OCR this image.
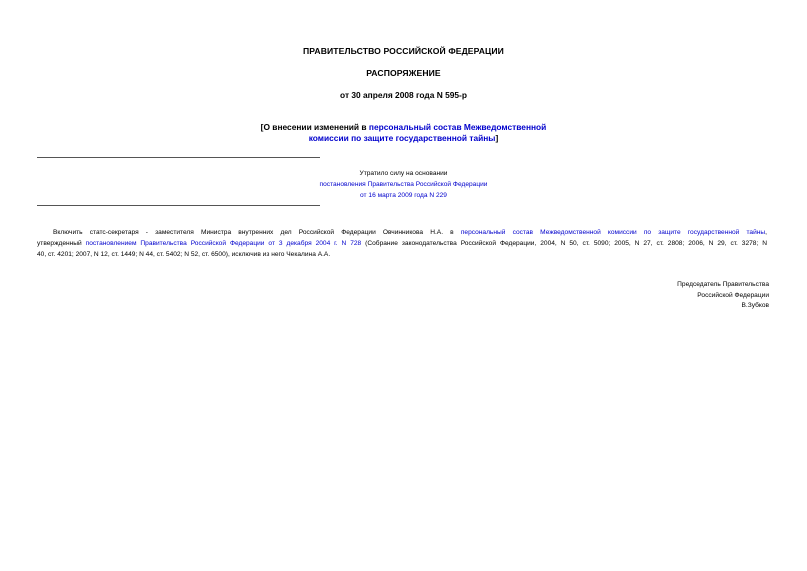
ПРАВИТЕЛЬСТВО РОССИЙСКОЙ ФЕДЕРАЦИИ
РАСПОРЯЖЕНИЕ
от 30 апреля 2008 года N 595-р
[О внесении изменений в персональный состав Межведомственной
комиссии по защите государственной тайны]
Утратило силу на основании
постановления Правительства Российской Федерации
от 16 марта 2009 года N 229
Включить статс-секретаря - заместителя Министра внутренних дел Российской Федерации Овчинникова Н.А. в персональный состав Межведомственной комиссии по защите государственной тайны,
утвержденный постановлением Правительства Российской Федерации от 3 декабря 2004 г. N 728 (Собрание законодательства Российской Федерации, 2004, N 50, ст. 5090; 2005, N 27, ст. 2808; 2006, N 29, ст. 3278; N
40, ст. 4201; 2007, N 12, ст. 1449; N 44, ст. 5402; N 52, ст. 6500), исключив из него Чекалина А.А.
Председатель Правительства
Российской Федерации
В.Зубков
